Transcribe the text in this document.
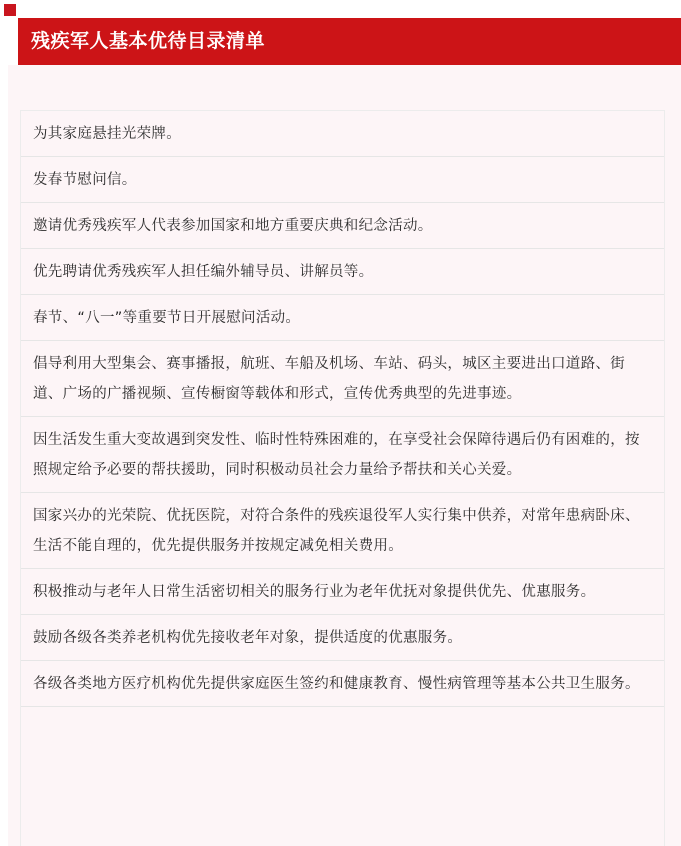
残疾军人基本优待目录清单
为其家庭悬挂光荣牌。
发春节慰问信。
邀请优秀残疾军人代表参加国家和地方重要庆典和纪念活动。
优先聘请优秀残疾军人担任编外辅导员、讲解员等。
春节、“八一”等重要节日开展慰问活动。
倡导利用大型集会、赛事播报，航班、车船及机场、车站、码头，城区主要进出口道路、街道、广场的广播视频、宣传橱窗等载体和形式，宣传优秀典型的先进事迹。
因生活发生重大变故遇到突发性、临时性特殊困难的，在享受社会保障待遇后仍有困难的，按照规定给予必要的帮扶援助，同时积极动员社会力量给予帮扶和关心关爱。
国家兴办的光荣院、优抚医院，对符合条件的残疾退役军人实行集中供养，对常年患病卧床、生活不能自理的，优先提供服务并按规定减免相关费用。
积极推动与老年人日常生活密切相关的服务行业为老年优抚对象提供优先、优惠服务。
鼓励各级各类养老机构优先接收老年对象，提供适度的优惠服务。
各级各类地方医疗机构优先提供家庭医生签约和健康教育、慢性病管理等基本公共卫生服务。
